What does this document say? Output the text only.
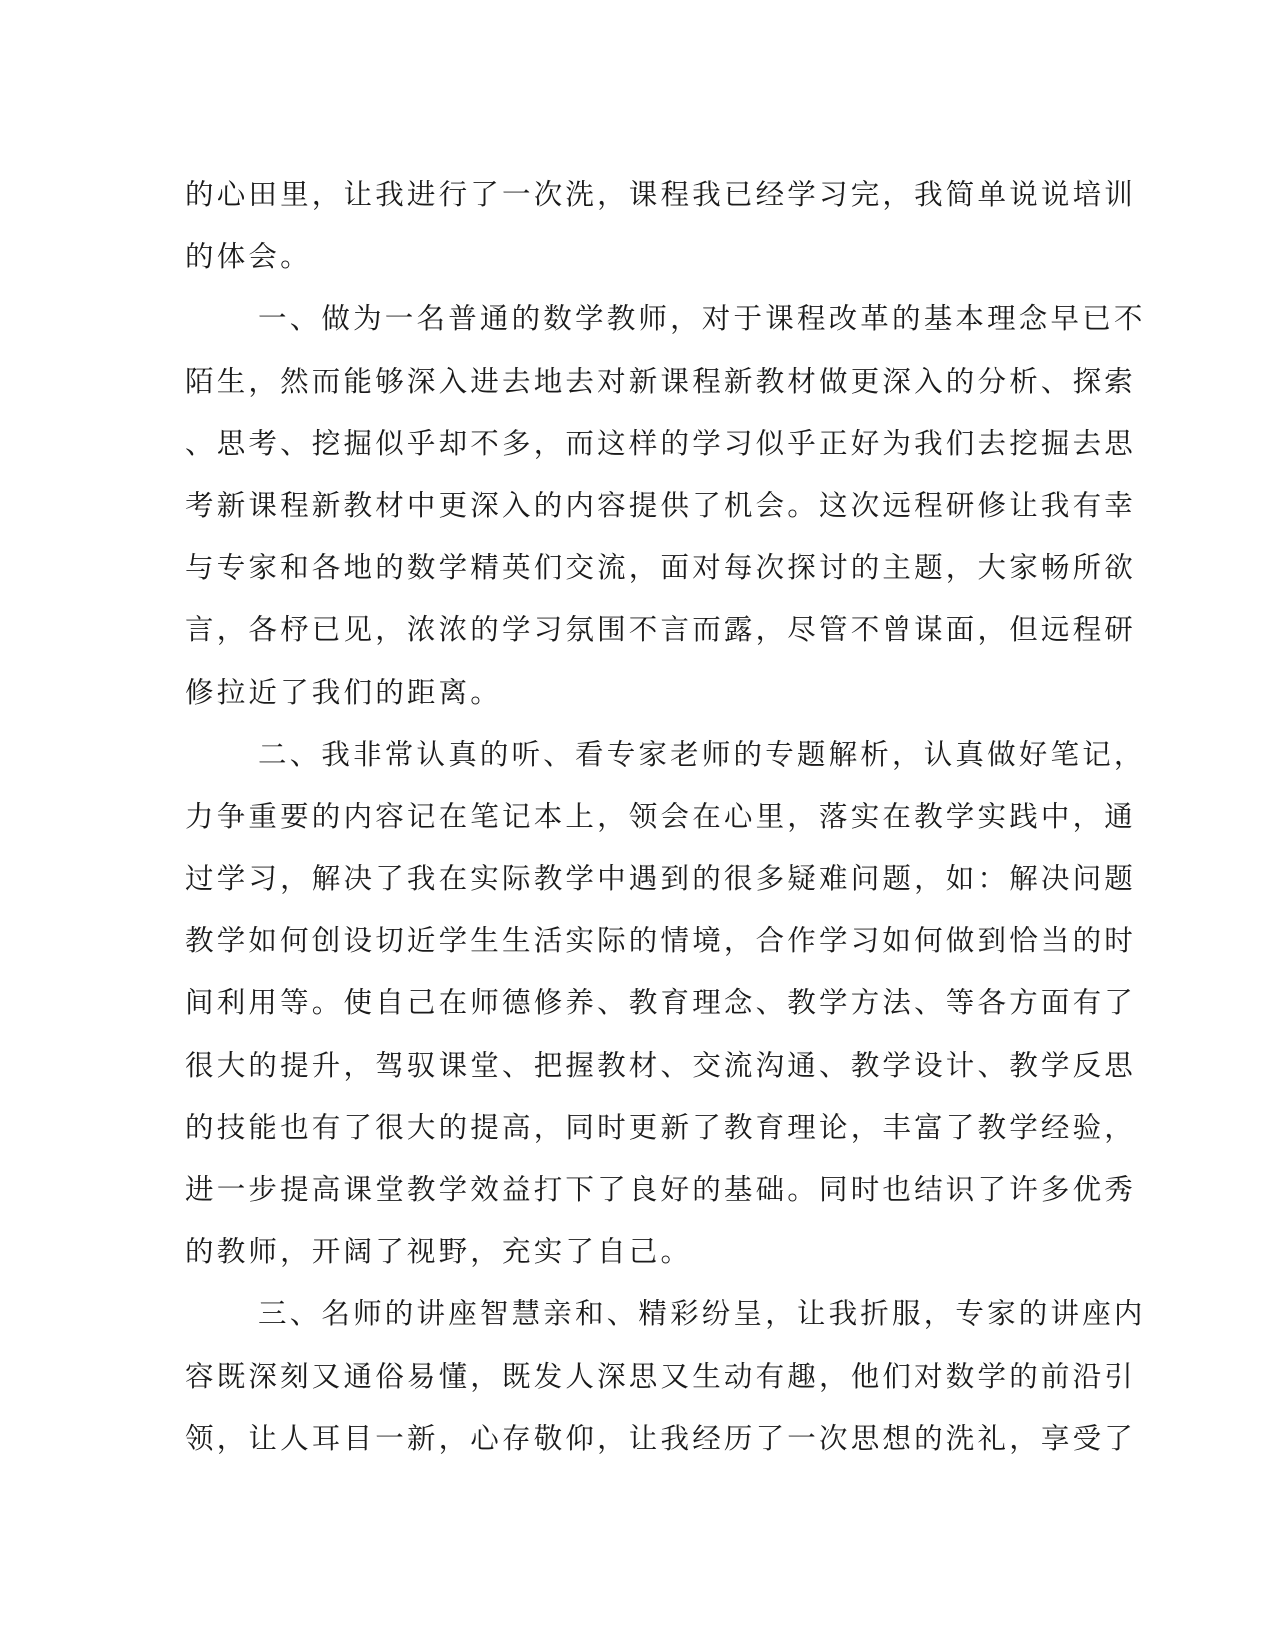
的心田里，让我进行了一次洗，课程我已经学习完，我简单说说培训
的体会。
一、做为一名普通的数学教师，对于课程改革的基本理念早已不
陌生，然而能够深入进去地去对新课程新教材做更深入的分析、探索
、思考、挖掘似乎却不多，而这样的学习似乎正好为我们去挖掘去思
考新课程新教材中更深入的内容提供了机会。这次远程研修让我有幸
与专家和各地的数学精英们交流，面对每次探讨的主题，大家畅所欲
言，各杼已见，浓浓的学习氛围不言而露，尽管不曾谋面，但远程研
修拉近了我们的距离。
二、我非常认真的听、看专家老师的专题解析，认真做好笔记，
力争重要的内容记在笔记本上，领会在心里，落实在教学实践中，通
过学习，解决了我在实际教学中遇到的很多疑难问题，如：解决问题
教学如何创设切近学生生活实际的情境，合作学习如何做到恰当的时
间利用等。使自己在师德修养、教育理念、教学方法、等各方面有了
很大的提升，驾驭课堂、把握教材、交流沟通、教学设计、教学反思
的技能也有了很大的提高，同时更新了教育理论，丰富了教学经验，
进一步提高课堂教学效益打下了良好的基础。同时也结识了许多优秀
的教师，开阔了视野，充实了自己。
三、名师的讲座智慧亲和、精彩纷呈，让我折服，专家的讲座内
容既深刻又通俗易懂，既发人深思又生动有趣，他们对数学的前沿引
领，让人耳目一新，心存敬仰，让我经历了一次思想的洗礼，享受了
